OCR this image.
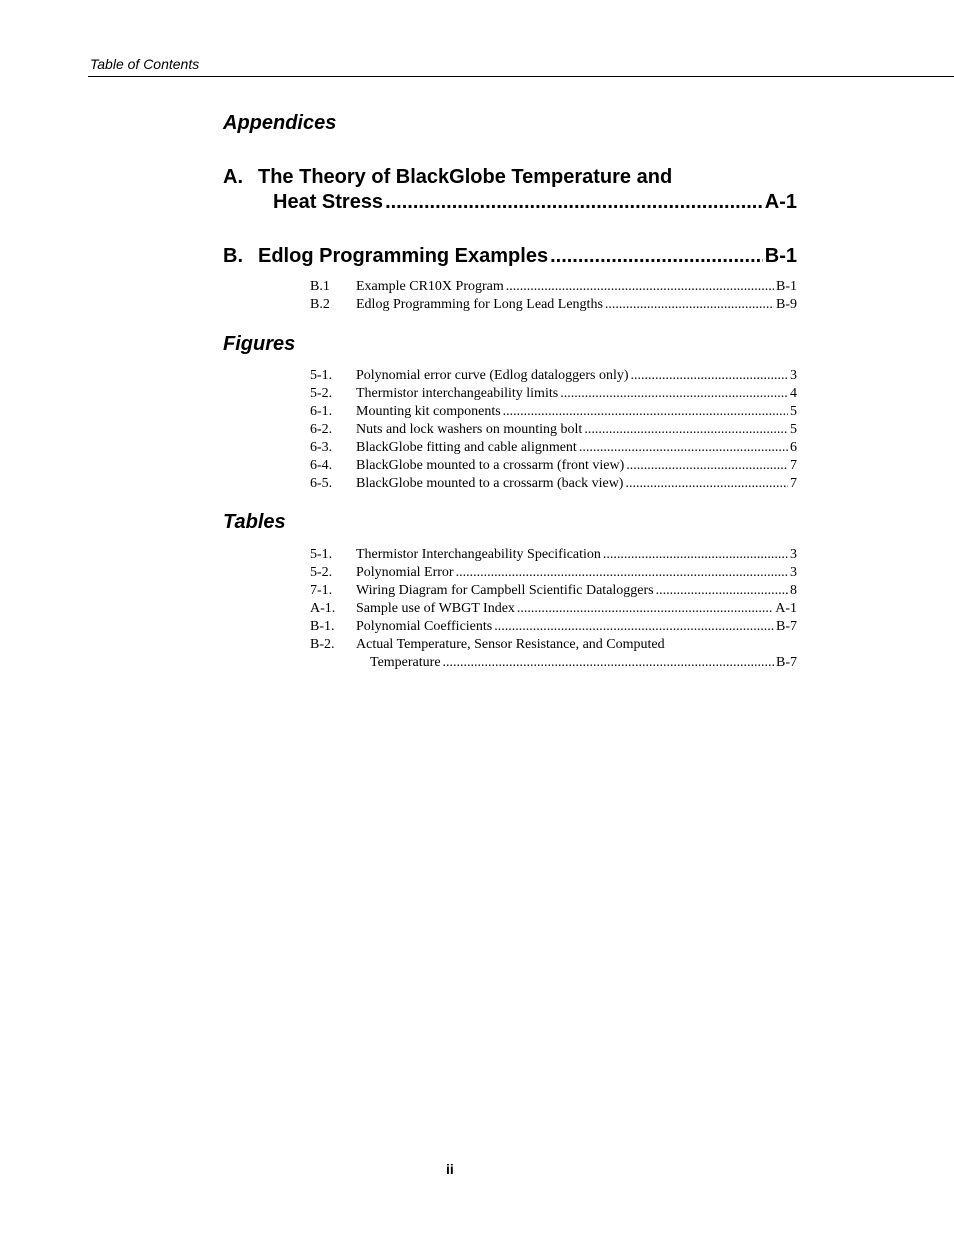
Table of Contents
Appendices
A. The Theory of BlackGlobe Temperature and
Heat Stress .....	A-1
B. Edlog Programming Examples .....	B-1
B.1	Example CR10X Program .....	B-1
B.2	Edlog Programming for Long Lead Lengths .....	B-9
Figures
5-1.	Polynomial error curve (Edlog dataloggers only) .....	3
5-2.	Thermistor interchangeability limits .....	4
6-1.	Mounting kit components .....	5
6-2.	Nuts and lock washers on mounting bolt .....	5
6-3.	BlackGlobe fitting and cable alignment .....	6
6-4.	BlackGlobe mounted to a crossarm (front view) .....	7
6-5.	BlackGlobe mounted to a crossarm (back view) .....	7
Tables
5-1.	Thermistor Interchangeability Specification .....	3
5-2.	Polynomial Error .....	3
7-1.	Wiring Diagram for Campbell Scientific Dataloggers .....	8
A-1.	Sample use of WBGT Index .....	A-1
B-1.	Polynomial Coefficients .....	B-7
B-2.	Actual Temperature, Sensor Resistance, and Computed
Temperature .....	B-7
ii
